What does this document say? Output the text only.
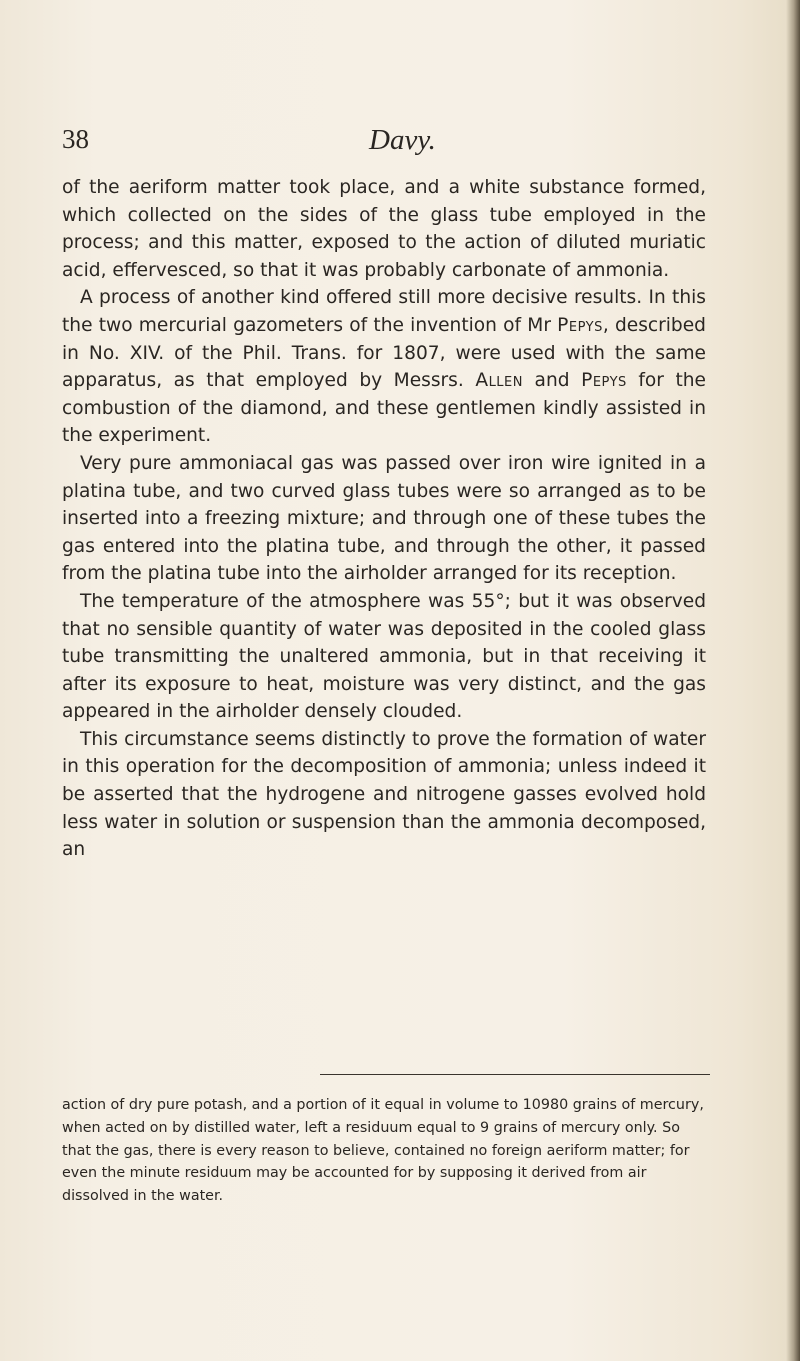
38	Davy.

of the aeriform matter took place, and a white substance formed, which collected on the sides of the glass tube employed in the process; and this matter, exposed to the action of diluted muriatic acid, effervesced, so that it was probably carbonate of ammonia.

A process of another kind offered still more decisive results. In this the two mercurial gazometers of the invention of Mr Pepys, described in No. XIV. of the Phil. Trans. for 1807, were used with the same apparatus, as that employed by Messrs. Allen and Pepys for the combustion of the diamond, and these gentlemen kindly assisted in the experiment.

Very pure ammoniacal gas was passed over iron wire ignited in a platina tube, and two curved glass tubes were so arranged as to be inserted into a freezing mixture; and through one of these tubes the gas entered into the platina tube, and through the other, it passed from the platina tube into the airholder arranged for its reception.

The temperature of the atmosphere was 55°; but it was observed that no sensible quantity of water was deposited in the cooled glass tube transmitting the unaltered ammonia, but in that receiving it after its exposure to heat, moisture was very distinct, and the gas appeared in the airholder densely clouded.

This circumstance seems distinctly to prove the formation of water in this operation for the decomposition of ammonia; unless indeed it be asserted that the hydrogene and nitrogene gasses evolved hold less water in solution or suspension than the ammonia decomposed, an

action of dry pure potash, and a portion of it equal in volume to 10980 grains of mercury, when acted on by distilled water, left a residuum equal to 9 grains of mercury only. So that the gas, there is every reason to believe, contained no foreign aeriform matter; for even the minute residuum may be accounted for by supposing it derived from air dissolved in the water.
